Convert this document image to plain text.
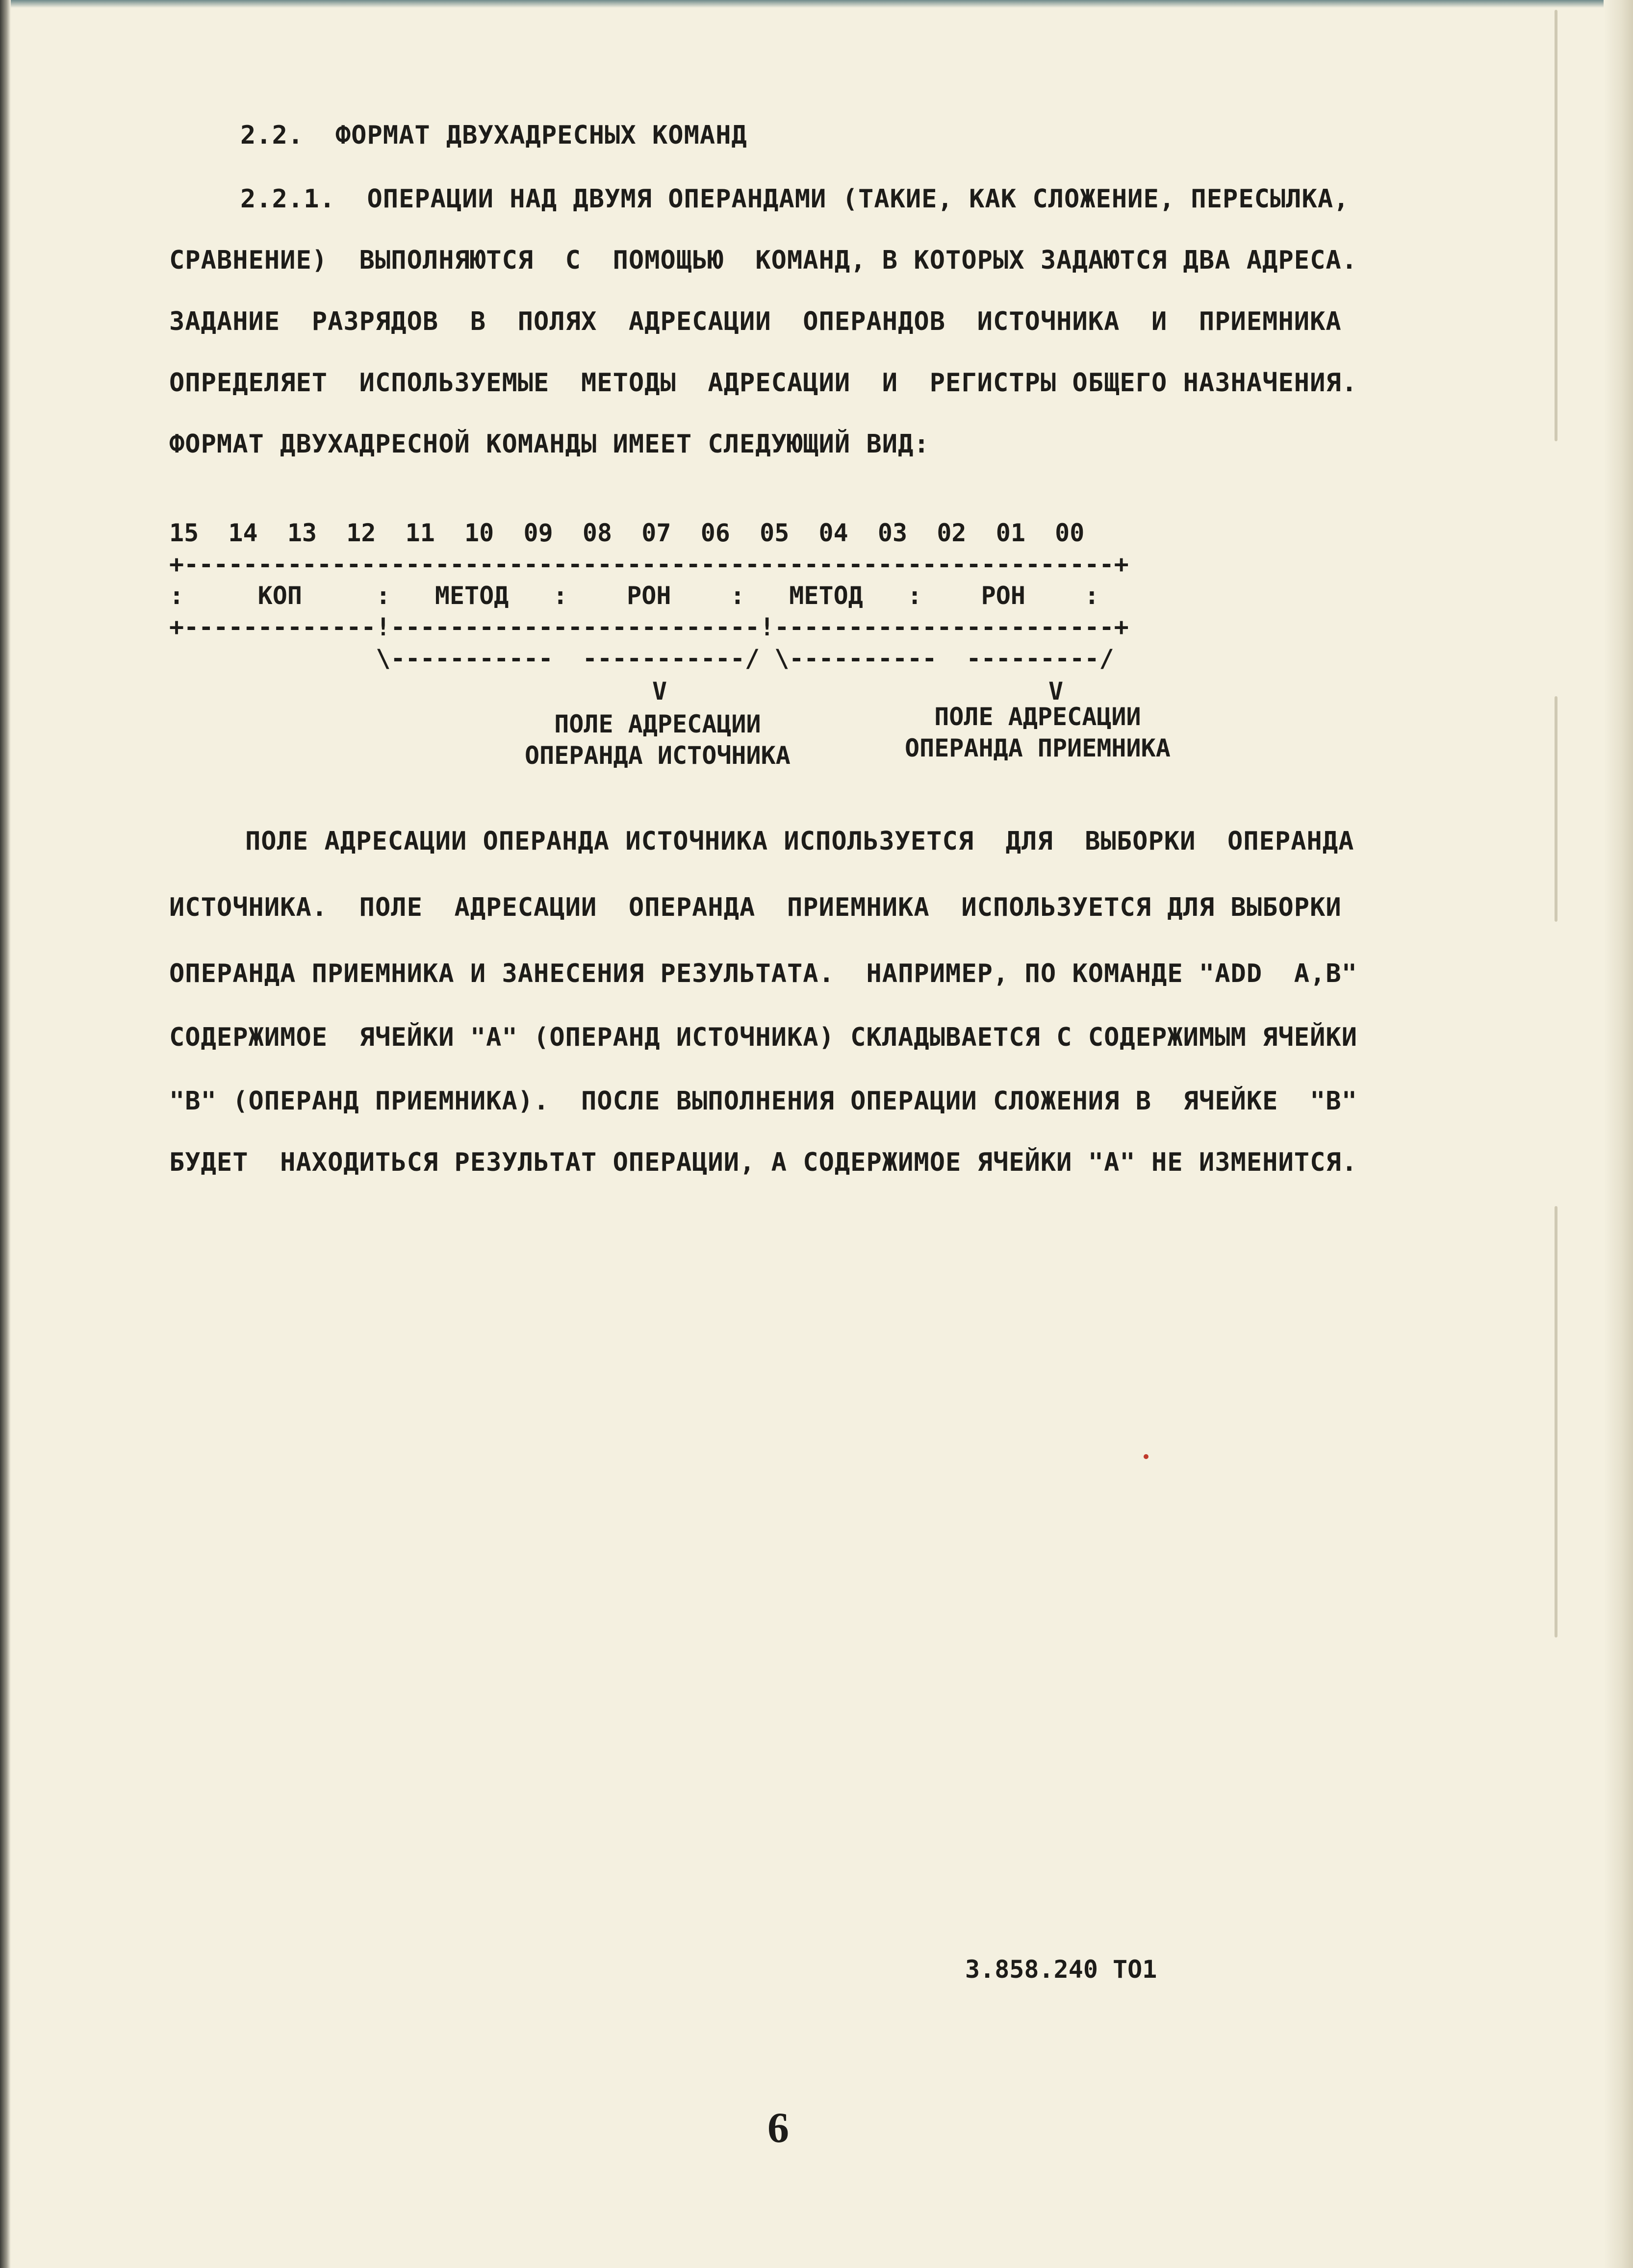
2.2.  ФОРМАТ ДВУХАДРЕСНЫХ КОМАНД

2.2.1.  ОПЕРАЦИИ НАД ДВУМЯ ОПЕРАНДАМИ (ТАКИЕ, КАК СЛОЖЕНИЕ, ПЕРЕСЫЛКА,

СРАВНЕНИЕ)  ВЫПОЛНЯЮТСЯ  С  ПОМОЩЬЮ  КОМАНД, В КОТОРЫХ ЗАДАЮТСЯ ДВА АДРЕСА.

ЗАДАНИЕ  РАЗРЯДОВ  В  ПОЛЯХ  АДРЕСАЦИИ  ОПЕРАНДОВ  ИСТОЧНИКА  И  ПРИЕМНИКА

ОПРЕДЕЛЯЕТ  ИСПОЛЬЗУЕМЫЕ  МЕТОДЫ  АДРЕСАЦИИ  И  РЕГИСТРЫ ОБЩЕГО НАЗНАЧЕНИЯ.

ФОРМАТ ДВУХАДРЕСНОЙ КОМАНДЫ ИМЕЕТ СЛЕДУЮЩИЙ ВИД:

15  14  13  12  11  10  09  08  07  06  05  04  03  02  01  00
+---------------------------------------------------------------+
:     КОП     :   МЕТОД   :    РОН    :   МЕТОД   :    РОН    :
+-------------!-------------------------!-----------------------+
\-----------  -----------/ \----------  ---------/

V	V

ПОЛЕ АДРЕСАЦИИ
ОПЕРАНДА ИСТОЧНИКА

ПОЛЕ АДРЕСАЦИИ
ОПЕРАНДА ПРИЕМНИКА

ПОЛЕ АДРЕСАЦИИ ОПЕРАНДА ИСТОЧНИКА ИСПОЛЬЗУЕТСЯ  ДЛЯ  ВЫБОРКИ  ОПЕРАНДА

ИСТОЧНИКА.  ПОЛЕ  АДРЕСАЦИИ  ОПЕРАНДА  ПРИЕМНИКА  ИСПОЛЬЗУЕТСЯ ДЛЯ ВЫБОРКИ

ОПЕРАНДА ПРИЕМНИКА И ЗАНЕСЕНИЯ РЕЗУЛЬТАТА.  НАПРИМЕР, ПО КОМАНДЕ "ADD  A,B"

СОДЕРЖИМОЕ  ЯЧЕЙКИ "A" (ОПЕРАНД ИСТОЧНИКА) СКЛАДЫВАЕТСЯ С СОДЕРЖИМЫМ ЯЧЕЙКИ

"B" (ОПЕРАНД ПРИЕМНИКА).  ПОСЛЕ ВЫПОЛНЕНИЯ ОПЕРАЦИИ СЛОЖЕНИЯ В  ЯЧЕЙКЕ  "B"

БУДЕТ  НАХОДИТЬСЯ РЕЗУЛЬТАТ ОПЕРАЦИИ, А СОДЕРЖИМОЕ ЯЧЕЙКИ "A" НЕ ИЗМЕНИТСЯ.

3.858.240 ТО1
6
